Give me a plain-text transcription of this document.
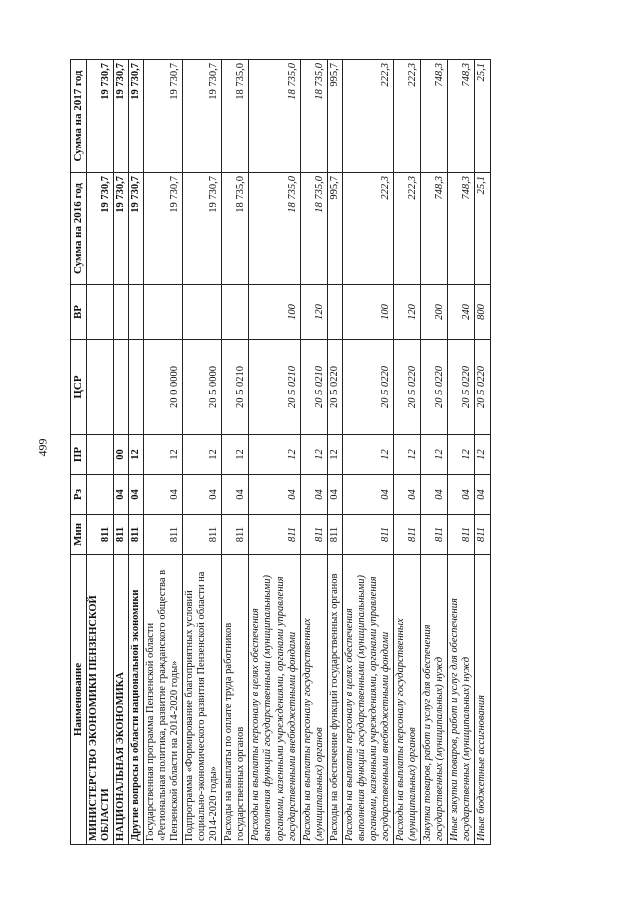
499
Наименование	Мин	Рз	ПР	ЦСР	ВР	Сумма на 2016 год	Сумма на 2017 год
МИНИСТЕРСТВО ЭКОНОМИКИ ПЕНЗЕНСКОЙ ОБЛАСТИ	811					19 730,7	19 730,7
НАЦИОНАЛЬНАЯ ЭКОНОМИКА	811	04	00			19 730,7	19 730,7
Другие вопросы в области национальной экономики	811	04	12			19 730,7	19 730,7
Государственная программа Пензенской области «Региональная политика, развитие гражданского общества в Пензенской области на 2014-2020 годы»	811	04	12	20 0 0000		19 730,7	19 730,7
Подпрограмма «Формирование благоприятных условий социально-экономического развития Пензенской области на 2014-2020 годы»	811	04	12	20 5 0000		19 730,7	19 730,7
Расходы на выплаты по оплате труда работников государственных органов	811	04	12	20 5 0210		18 735,0	18 735,0
Расходы на выплаты персоналу в целях обеспечения выполнения функций государственными (муниципальными) органами, казенными учреждениями, органами управления государственными внебюджетными фондами	811	04	12	20 5 0210	100	18 735,0	18 735,0
Расходы на выплаты персоналу государственных (муниципальных) органов	811	04	12	20 5 0210	120	18 735,0	18 735,0
Расходы на обеспечение функций государственных органов	811	04	12	20 5 0220		995,7	995,7
Расходы на выплаты персоналу в целях обеспечения выполнения функций государственными (муниципальными) органами, казенными учреждениями, органами управления государственными внебюджетными фондами	811	04	12	20 5 0220	100	222,3	222,3
Расходы на выплаты персоналу государственных (муниципальных) органов	811	04	12	20 5 0220	120	222,3	222,3
Закупка товаров, работ и услуг для обеспечения государственных (муниципальных) нужд	811	04	12	20 5 0220	200	748,3	748,3
Иные закупки товаров, работ и услуг для обеспечения государственных (муниципальных) нужд	811	04	12	20 5 0220	240	748,3	748,3
Иные бюджетные ассигнования	811	04	12	20 5 0220	800	25,1	25,1
